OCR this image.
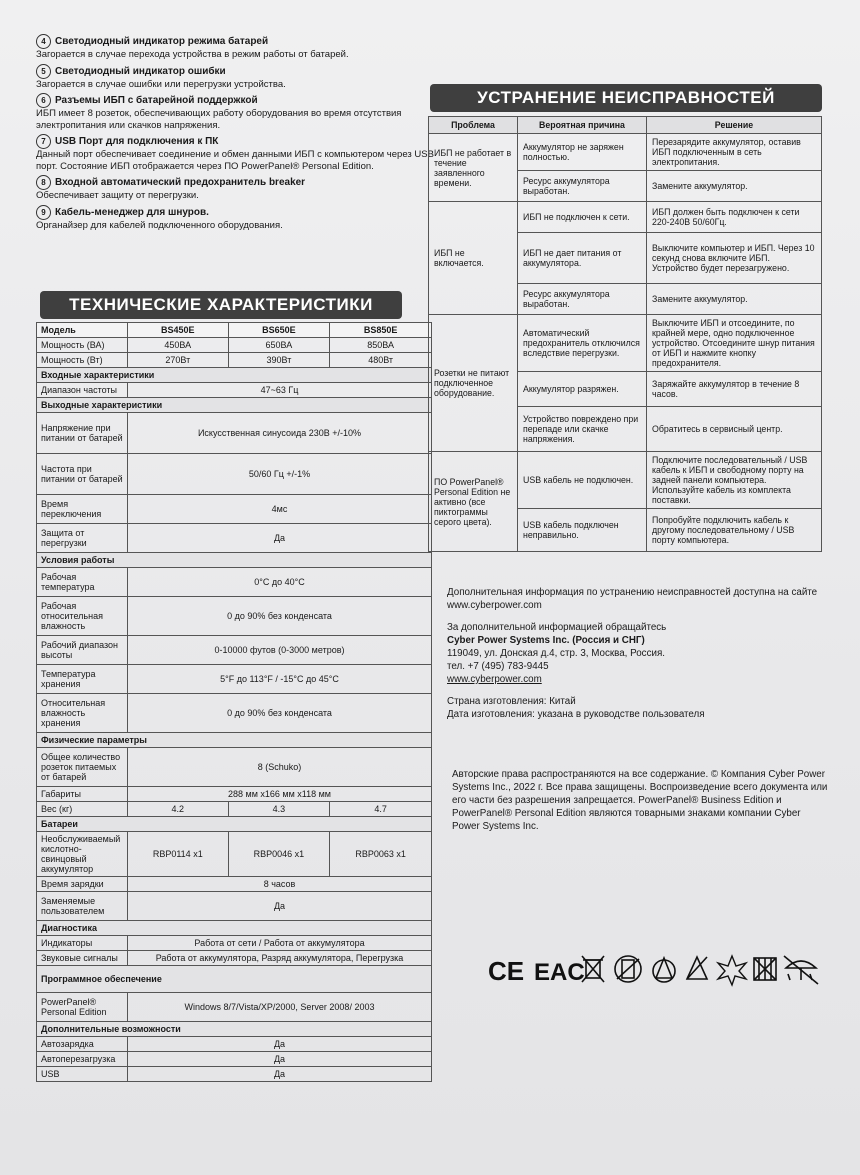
4 Светодиодный индикатор режима батарей
Загорается в случае перехода устройства в режим работы от батарей.
5 Светодиодный индикатор ошибки
Загорается в случае ошибки или перегрузки устройства.
6 Разъемы ИБП с батарейной поддержкой
ИБП имеет 8 розеток, обеспечивающих работу оборудования во время отсутствия электропитания или скачков напряжения.
7 USB Порт для подключения к ПК
Данный порт обеспечивает соединение и обмен данными ИБП с компьютером через USB порт. Состояние ИБП отображается через ПО PowerPanel® Personal Edition.
8 Входной автоматический предохранитель breaker
Обеспечивает защиту от перегрузки.
9 Кабель-менеджер для шнуров.
Органайзер для кабелей подключенного оборудования.
ТЕХНИЧЕСКИЕ ХАРАКТЕРИСТИКИ
Модель	BS450E	BS650E	BS850E
Мощность (ВА)	450ВА	650ВА	850ВА
Мощность (Вт)	270Вт	390Вт	480Вт
Входные характеристики			
Диапазон частоты	47~63 Гц		
Выходные характеристики			
Напряжение при питании от батарей	Искусственная синусоида 230В +/-10%		
Частота при питании от батарей	50/60 Гц +/-1%		
Время переключения	4мс		
Защита от перегрузки	Да		
Условия работы			
Рабочая температура	0°С до 40°С		
Рабочая относительная влажность	0 до 90% без конденсата		
Рабочий диапазон высоты	0-10000 футов (0-3000 метров)		
Температура хранения	5°F до 113°F / -15°С до 45°С		
Относительная влажность хранения	0 до 90% без конденсата		
Физические параметры			
Общее количество розеток питаемых от батарей	8 (Schuko)		
Габариты	288 мм x166 мм x118 мм		
Вес (кг)	4.2	4.3	4.7
Батареи			
Необслуживаемый кислотно-свинцовый аккумулятор	RBP0114 x1	RBP0046 x1	RBP0063 x1
Время зарядки	8 часов		
Заменяемые пользователем	Да		
Диагностика			
Индикаторы	Работа от сети / Работа от аккумулятора		
Звуковые сигналы	Работа от аккумулятора, Разряд аккумулятора, Перегрузка		
Программное обеспечение			
PowerPanel® Personal Edition	Windows 8/7/Vista/XP/2000, Server 2008/ 2003		
Дополнительные возможности			
Автозарядка	Да		
Автоперезагрузка	Да		
USB	Да		
УСТРАНЕНИЕ НЕИСПРАВНОСТЕЙ
Проблема	Вероятная причина	Решение
ИБП не работает в течение заявленного времени.	Аккумулятор не заряжен полностью.	Перезарядите аккумулятор, оставив ИБП подключенным в сеть электропитания.
	Ресурс аккумулятора выработан.	Замените аккумулятор.
ИБП не включается.	ИБП не подключен к сети.	ИБП должен быть подключен к сети 220-240В 50/60Гц.
	ИБП не дает питания от аккумулятора.	Выключите компьютер и ИБП. Через 10 секунд снова включите ИБП. Устройство будет перезагружено.
	Ресурс аккумулятора выработан.	Замените аккумулятор.
Розетки не питают подключенное оборудование.	Автоматический предохранитель отключился вследствие перегрузки.	Выключите ИБП и отсоедините, по крайней мере, одно подключенное устройство. Отсоедините шнур питания от ИБП и нажмите кнопку предохранителя.
	Аккумулятор разряжен.	Заряжайте аккумулятор в течение 8 часов.
	Устройство повреждено при перепаде или скачке напряжения.	Обратитесь в сервисный центр.
ПО PowerPanel® Personal Edition не активно (все пиктограммы серого цвета).	USB кабель не подключен.	Подключите последовательный / USB кабель к ИБП и свободному порту на задней панели компьютера. Используйте кабель из комплекта поставки.
	USB кабель подключен неправильно.	Попробуйте подключить кабель к другому последовательному / USB порту компьютера.

Дополнительная информация по устранению неисправностей доступна на сайте www.cyberpower.com

За дополнительной информацией обращайтесь
Cyber Power Systems Inc. (Россия и СНГ)
119049, ул. Донская д.4, стр. 3, Москва, Россия.
тел. +7 (495) 783-9445

www.cyberpower.com

Страна изготовления: Китай
Дата изготовления: указана в руководстве пользователя
Авторские права распространяются на все содержание. © Компания Cyber Power Systems Inc., 2022 г. Все права защищены. Воспроизведение всего документа или его части без разрешения запрещается. PowerPanel® Business Edition и PowerPanel® Personal Edition являются товарными знаками компании Cyber Power Systems Inc.
CE EAC
